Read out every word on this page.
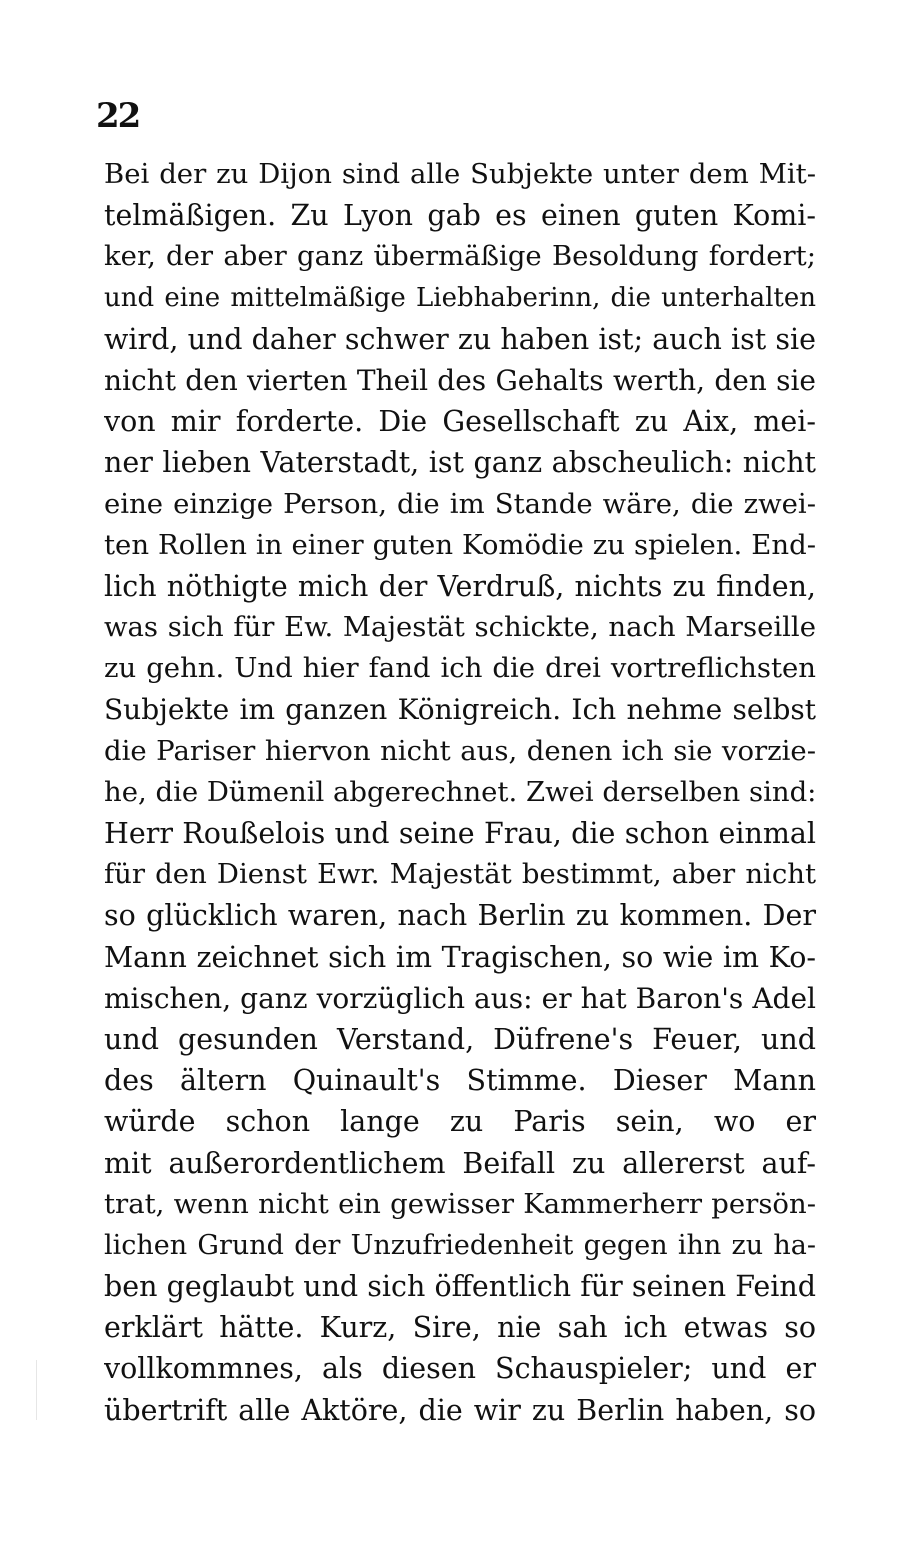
22
Bei der zu Dijon sind alle Subjekte unter dem Mit-
telmäßigen. Zu Lyon gab es einen guten Komi-
ker, der aber ganz übermäßige Besoldung fordert;
und eine mittelmäßige Liebhaberinn, die unterhalten
wird, und daher schwer zu haben ist; auch ist sie
nicht den vierten Theil des Gehalts werth, den sie
von mir forderte. Die Gesellschaft zu Aix, mei-
ner lieben Vaterstadt, ist ganz abscheulich: nicht
eine einzige Person, die im Stande wäre, die zwei-
ten Rollen in einer guten Komödie zu spielen. End-
lich nöthigte mich der Verdruß, nichts zu finden,
was sich für Ew. Majestät schickte, nach Marseille
zu gehn. Und hier fand ich die drei vortreflichsten
Subjekte im ganzen Königreich. Ich nehme selbst
die Pariser hiervon nicht aus, denen ich sie vorzie-
he, die Dümenil abgerechnet. Zwei derselben sind:
Herr Roußelois und seine Frau, die schon einmal
für den Dienst Ewr. Majestät bestimmt, aber nicht
so glücklich waren, nach Berlin zu kommen. Der
Mann zeichnet sich im Tragischen, so wie im Ko-
mischen, ganz vorzüglich aus: er hat Baron's Adel
und gesunden Verstand, Düfrene's Feuer, und
des ältern Quinault's Stimme. Dieser Mann
würde schon lange zu Paris sein, wo er
mit außerordentlichem Beifall zu allererst auf-
trat, wenn nicht ein gewisser Kammerherr persön-
lichen Grund der Unzufriedenheit gegen ihn zu ha-
ben geglaubt und sich öffentlich für seinen Feind
erklärt hätte. Kurz, Sire, nie sah ich etwas so
vollkommnes, als diesen Schauspieler; und er
übertrift alle Aktöre, die wir zu Berlin haben, so
